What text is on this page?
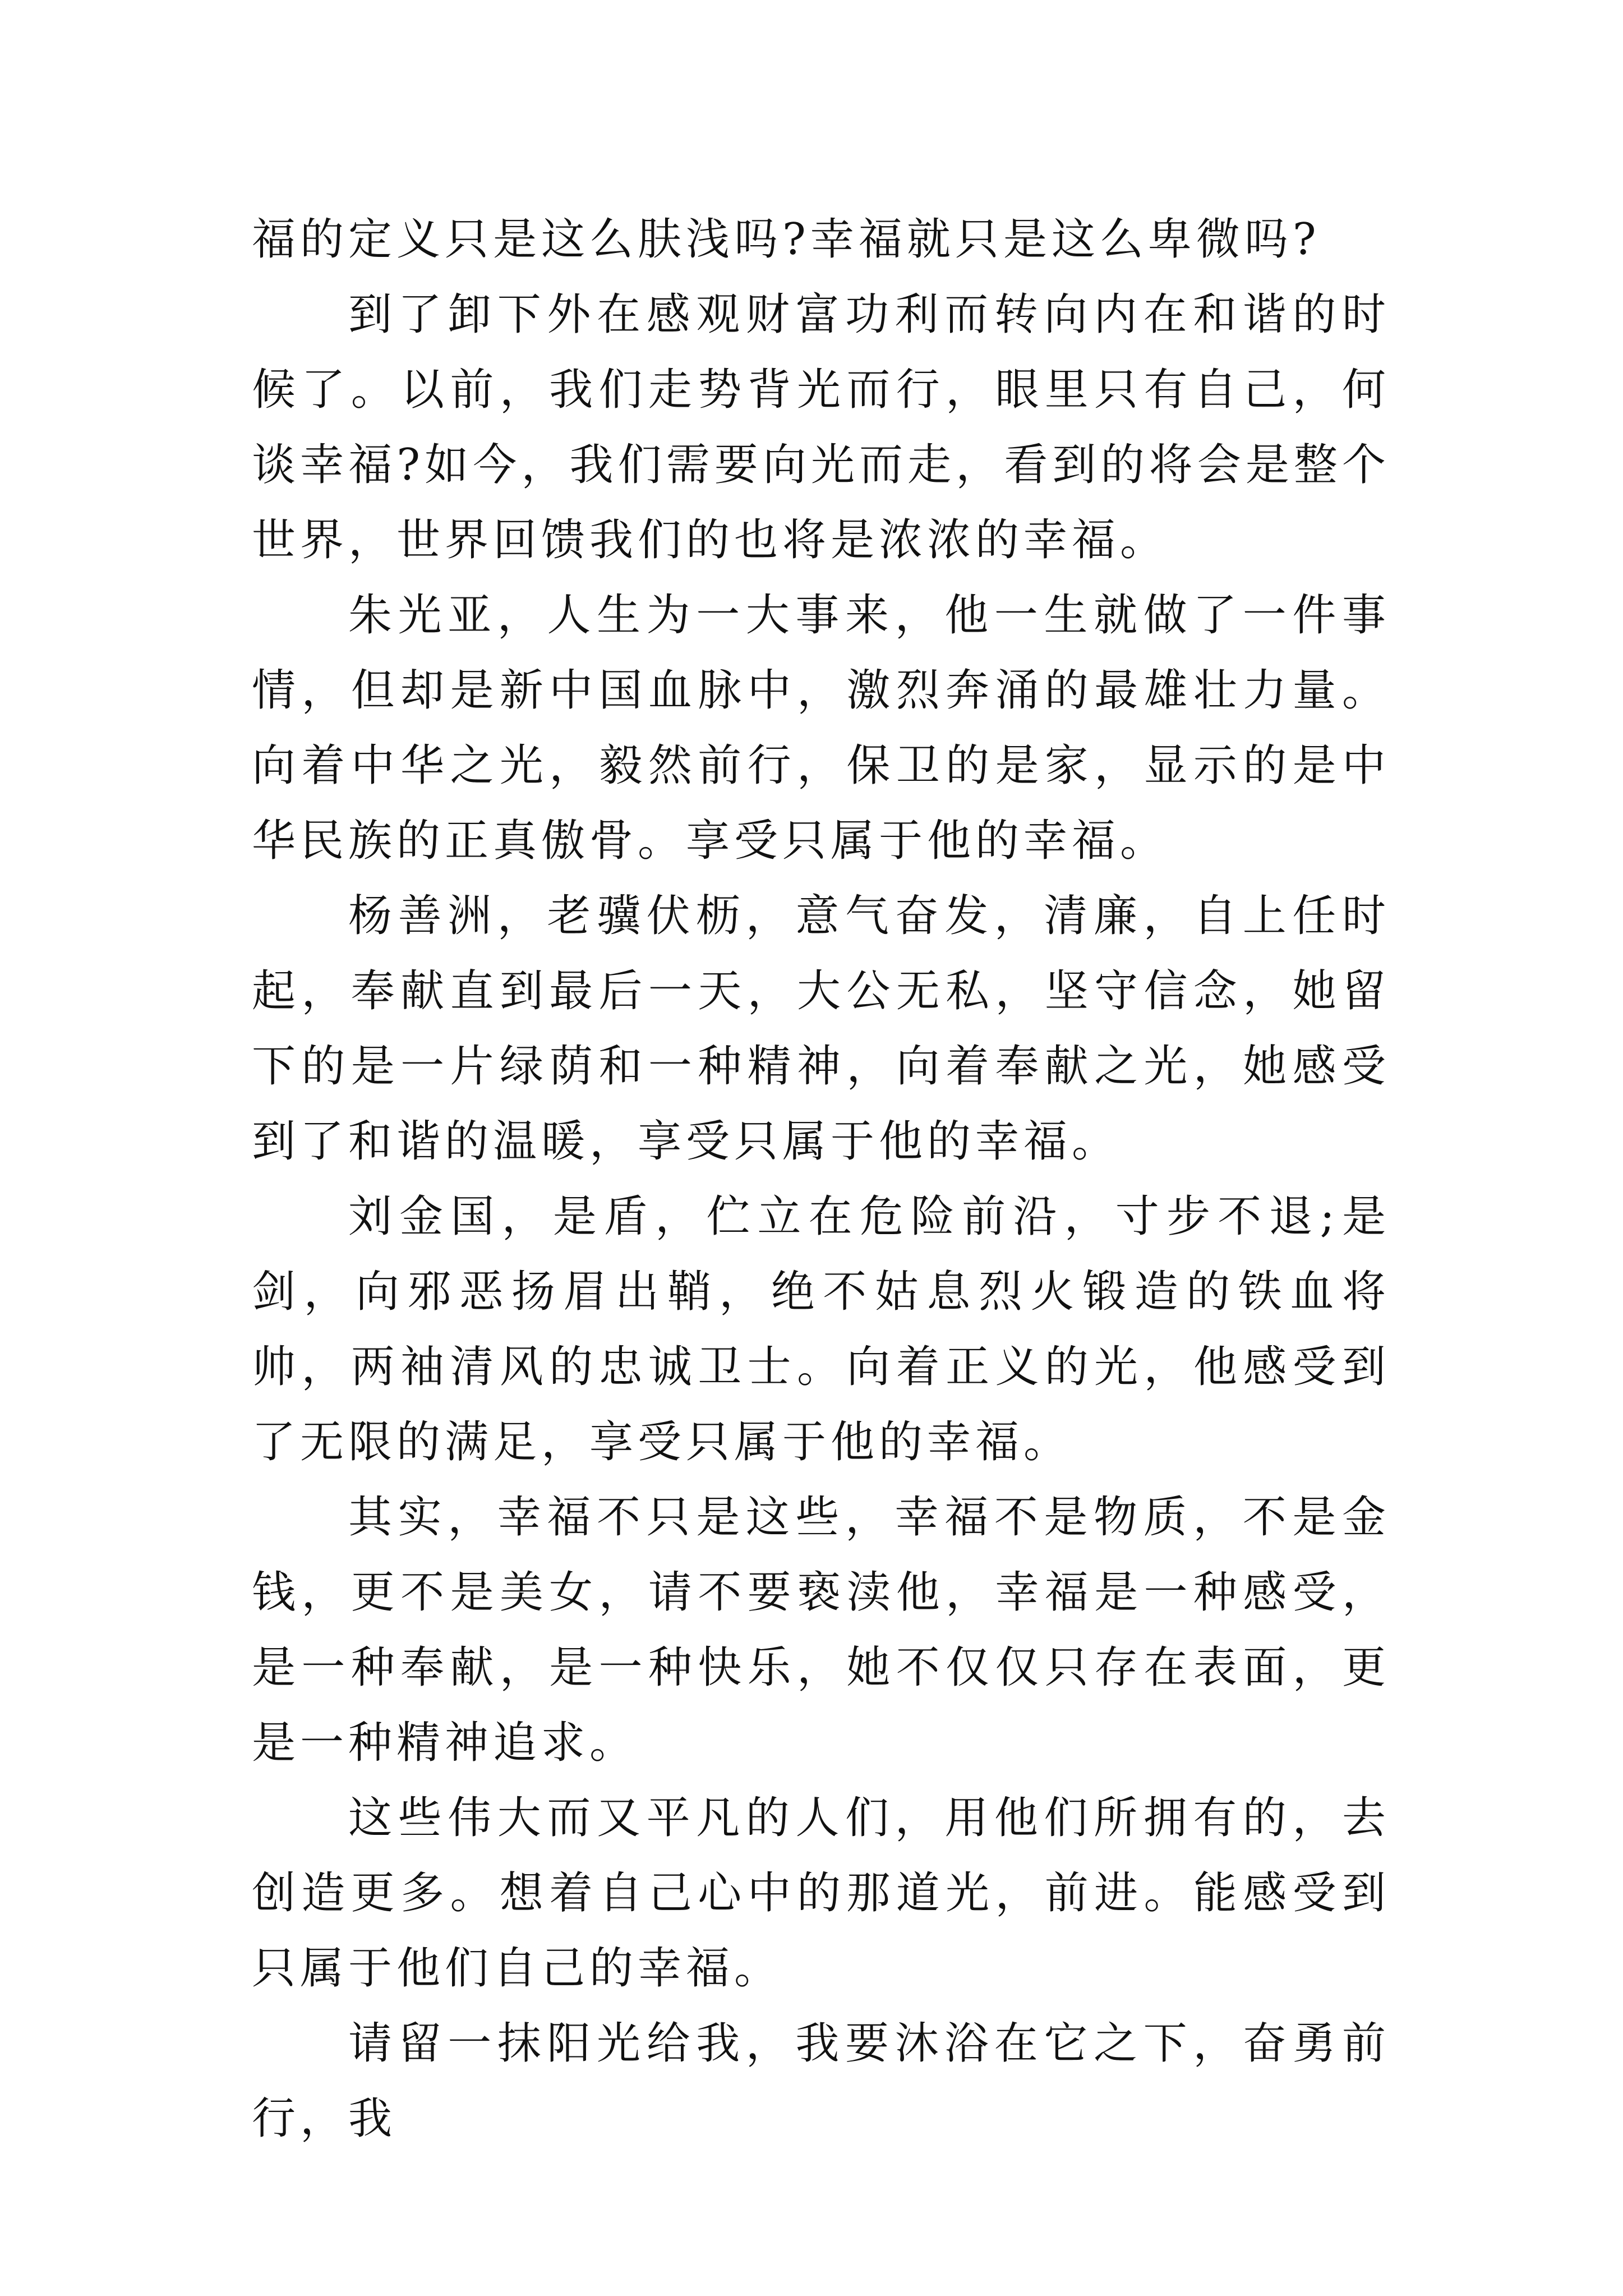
福的定义只是这么肤浅吗?幸福就只是这么卑微吗?

到了卸下外在感观财富功利而转向内在和谐的时候了。以前，我们走势背光而行，眼里只有自己，何谈幸福?如今，我们需要向光而走，看到的将会是整个世界，世界回馈我们的也将是浓浓的幸福。

朱光亚，人生为一大事来，他一生就做了一件事情，但却是新中国血脉中，激烈奔涌的最雄壮力量。向着中华之光，毅然前行，保卫的是家，显示的是中华民族的正真傲骨。享受只属于他的幸福。

杨善洲，老骥伏枥，意气奋发，清廉，自上任时起，奉献直到最后一天，大公无私，坚守信念，她留下的是一片绿荫和一种精神，向着奉献之光，她感受到了和谐的温暖，享受只属于他的幸福。

刘金国，是盾，伫立在危险前沿，寸步不退;是剑，向邪恶扬眉出鞘，绝不姑息烈火锻造的铁血将帅，两袖清风的忠诚卫士。向着正义的光，他感受到了无限的满足，享受只属于他的幸福。

其实，幸福不只是这些，幸福不是物质，不是金钱，更不是美女，请不要亵渎他，幸福是一种感受，是一种奉献，是一种快乐，她不仅仅只存在表面，更是一种精神追求。

这些伟大而又平凡的人们，用他们所拥有的，去创造更多。想着自己心中的那道光，前进。能感受到只属于他们自己的幸福。

请留一抹阳光给我，我要沐浴在它之下，奋勇前行，我
